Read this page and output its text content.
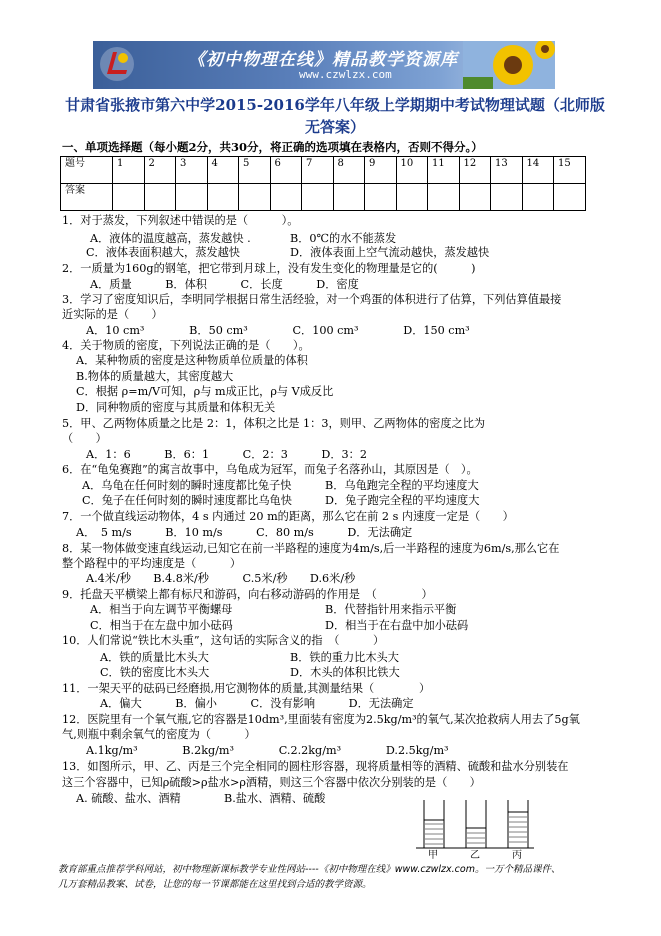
《初中物理在线》精品教学资源库
www.czwlzx.com
甘肃省张掖市第六中学2015-2016学年八年级上学期期中考试物理试题（北师版无答案）
一、单项选择题（每小题2分，共30分，将正确的选项填在表格内，否则不得分。）
题号	1	2	3	4	5	6	7	8	9	10	11	12	13	14	15
答案															
1．对于蒸发，下列叙述中错误的是（　　　）。
A．液体的温度越高，蒸发越快 .	B．0℃的水不能蒸发
C．液体表面积越大，蒸发越快	D．液体表面上空气流动越快，蒸发越快
2．一质量为160g的钢笔，把它带到月球上，没有发生变化的物理量是它的(　　　)
A．质量　　　B．体积　　　C．长度　　　D．密度
3．学习了密度知识后，李明同学根据日常生活经验，对一个鸡蛋的体积进行了估算，下列估算值最接
近实际的是（　　）
A．10 cm³　　　　B．50 cm³　　　　C．100 cm³　　　　D．150 cm³
4．关于物质的密度，下列说法正确的是（　　）。
A．某种物质的密度是这种物质单位质量的体积
B.物体的质量越大，其密度越大
C．根据 ρ=m/V可知，ρ与 m成正比，ρ与 V成反比
D．同种物质的密度与其质量和体积无关
5．甲、乙两物体质量之比是 2：1，体积之比是 1：3，则甲、乙两物体的密度之比为
（　　）
A．1：6　　　B．6：1　　　C．2：3　　　D．3：2
6．在“龟兔赛跑”的寓言故事中，乌龟成为冠军，而兔子名落孙山，其原因是（　）。
A．乌龟在任何时刻的瞬时速度都比兔子快	B．乌龟跑完全程的平均速度大
C．兔子在任何时刻的瞬时速度都比乌龟快	D．兔子跑完全程的平均速度大
7．一个做直线运动物体，4 s 内通过 20 m的距离，那么它在前 2 s 内速度一定是（　　）
A．　5 m/s　　　B．10 m/s　　　C．80 m/s　　　D．无法确定
8．某一物体做变速直线运动,已知它在前一半路程的速度为4m/s,后一半路程的速度为6m/s,那么它在
整个路程中的平均速度是（　　　）
A.4米/秒　　B.4.8米/秒　　　C.5米/秒　　D.6米/秒
9．托盘天平横梁上都有标尺和游码，向右移动游码的作用是　（　　　　）
A．相当于向左调节平衡螺母	B．代替指针用来指示平衡
C．相当于在左盘中加小砝码	D．相当于在右盘中加小砝码
10．人们常说“铁比木头重”，这句话的实际含义的指　（　　　）
A．铁的质量比木头大	B．铁的重力比木头大
C．铁的密度比木头大	D．木头的体积比铁大
11．一架天平的砝码已经磨损,用它测物体的质量,其测量结果（　　　　）
A．偏大　　　B．偏小　　　C．没有影响　　　D．无法确定
12．医院里有一个氧气瓶,它的容器是10dm³,里面装有密度为2.5kg/m³的氧气,某次抢救病人用去了5g氧
气,则瓶中剩余氧气的密度为（　　　）
A.1kg/m³　　　　B.2kg/m³　　　　C.2.2kg/m³　　　　D.2.5kg/m³
13．如图所示，甲、乙、丙是三个完全相同的圆柱形容器，现将质量相等的酒精、硫酸和盐水分别装在
这三个容器中，已知ρ硫酸>ρ盐水>ρ酒精，则这三个容器中依次分别装的是（　　）
A. 硫酸、盐水、酒精	B.盐水、酒精、硫酸
甲	乙	丙
教育部重点推荐学科网站，初中物理新课标教学专业性网站----《初中物理在线》www.czwlzx.com。一万个精品课件、
几万套精品教案、试卷，让您的每一节课都能在这里找到合适的教学资源。
